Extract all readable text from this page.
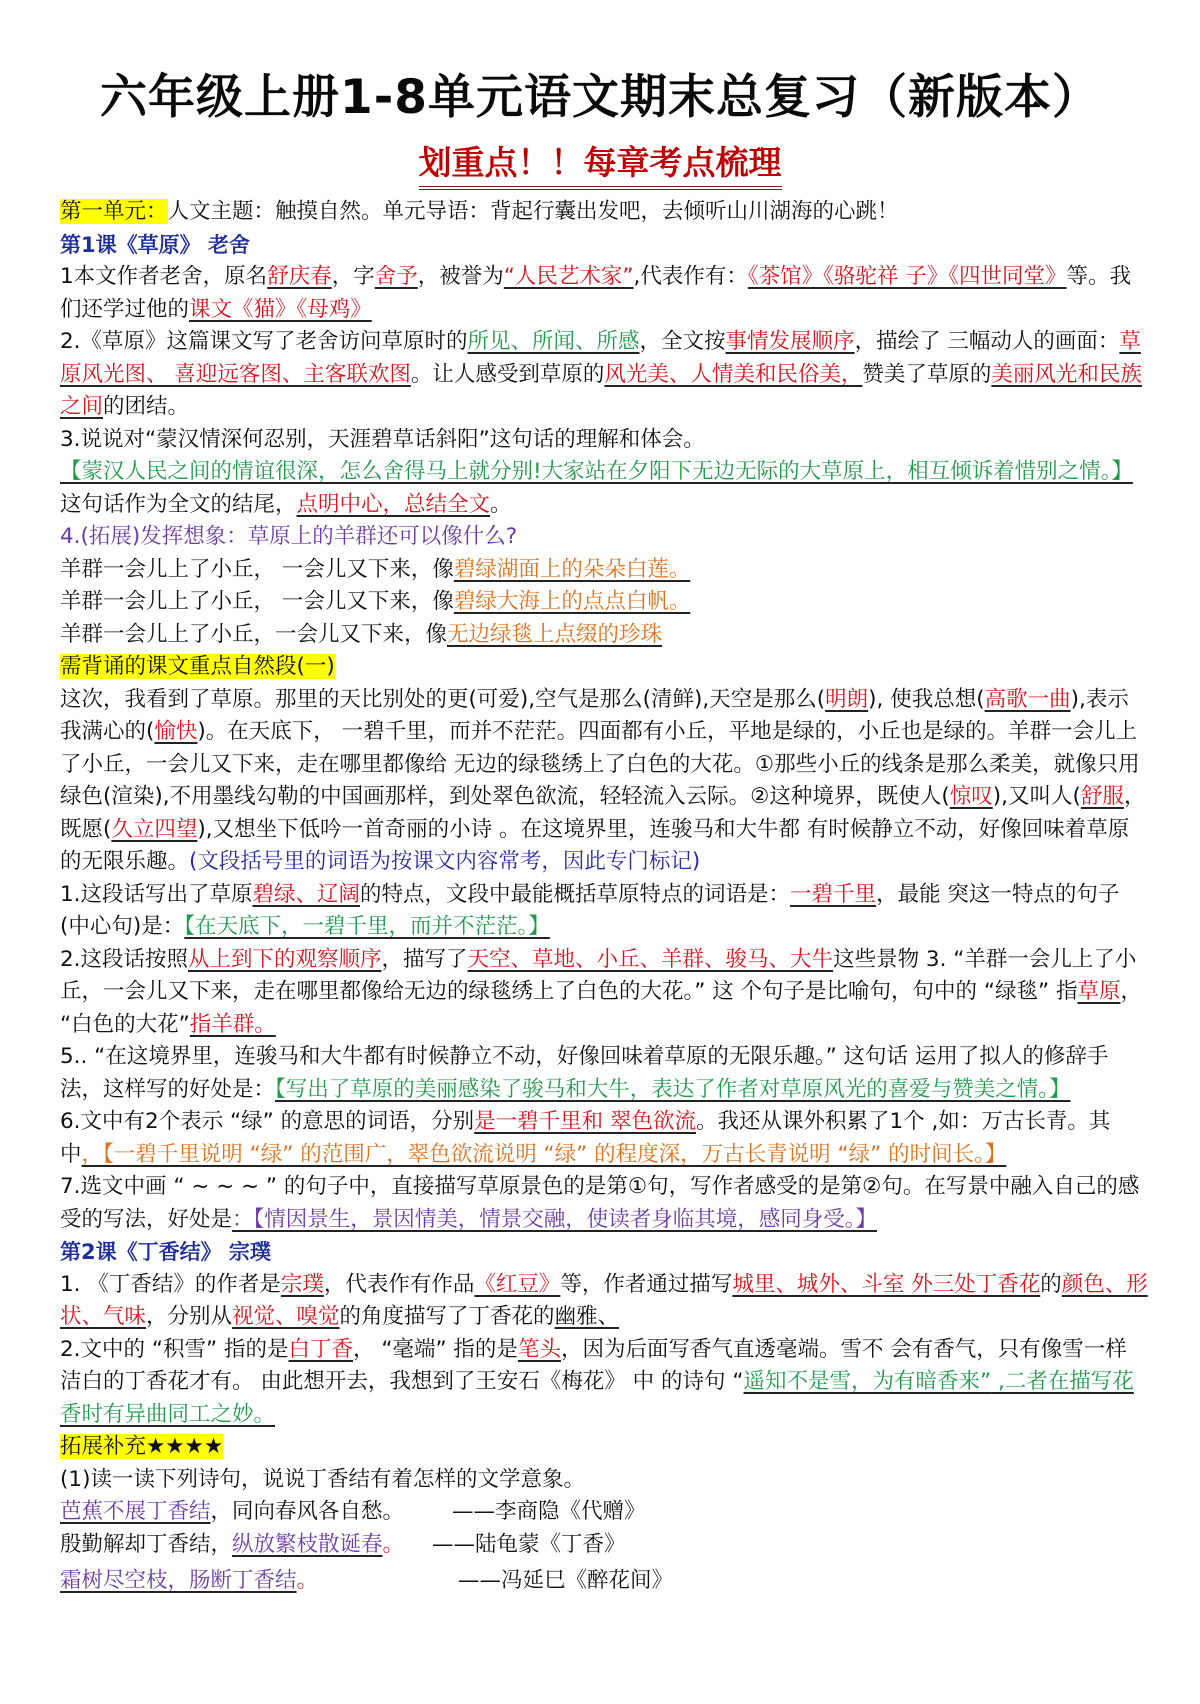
六年级上册1-8单元语文期末总复习（新版本）
划重点！！每章考点梳理

第一单元：人文主题：触摸自然。单元导语：背起行囊出发吧，去倾听山川湖海的心跳！

第1课《草原》 老舍

1本文作者老舍，原名舒庆春，字舍予，被誉为“人民艺术家”,代表作有：《茶馆》《骆驼祥 子》《四世同堂》等。我们还学过他的课文《猫》《母鸡》

2.《草原》这篇课文写了老舍访问草原时的所见、所闻、所感，全文按事情发展顺序，描绘了 三幅动人的画面：草原风光图、 喜迎远客图、主客联欢图。让人感受到草原的风光美、人情美和民俗美，赞美了草原的美丽风光和民族之间的团结。

3.说说对“蒙汉情深何忍别，天涯碧草话斜阳”这句话的理解和体会。

【蒙汉人民之间的情谊很深，怎么舍得马上就分别!大家站在夕阳下无边无际的大草原上，相互倾诉着惜别之情。】这句话作为全文的结尾，点明中心，总结全文。

4.(拓展)发挥想象：草原上的羊群还可以像什么?

羊群一会儿上了小丘， 一会儿又下来，像碧绿湖面上的朵朵白莲。

羊群一会儿上了小丘， 一会儿又下来，像碧绿大海上的点点白帆。

羊群一会儿上了小丘，一会儿又下来，像无边绿毯上点缀的珍珠

需背诵的课文重点自然段(一)

这次，我看到了草原。那里的天比别处的更(可爱),空气是那么(清鲜),天空是那么(明朗), 使我总想(高歌一曲),表示我满心的(愉快)。在天底下， 一碧千里，而并不茫茫。四面都有小丘，平地是绿的，小丘也是绿的。羊群一会儿上了小丘，一会儿又下来，走在哪里都像给 无边的绿毯绣上了白色的大花。①那些小丘的线条是那么柔美，就像只用绿色(渲染),不用墨线勾勒的中国画那样，到处翠色欲流，轻轻流入云际。②这种境界，既使人(惊叹),又叫人(舒服，既愿(久立四望),又想坐下低吟一首奇丽的小诗 。在这境界里，连骏马和大牛都 有时候静立不动，好像回味着草原的无限乐趣。(文段括号里的词语为按课文内容常考，因此专门标记)

1.这段话写出了草原碧绿、辽阔的特点，文段中最能概括草原特点的词语是：一碧千里，最能 突这一特点的句子(中心句)是：【在天底下，一碧千里，而并不茫茫。】

2.这段话按照从上到下的观察顺序，描写了天空、草地、小丘、羊群、骏马、大牛这些景物 3. “羊群一会儿上了小丘，一会儿又下来，走在哪里都像给无边的绿毯绣上了白色的大花。” 这 个句子是比喻句，句中的 “绿毯” 指草原， “白色的大花”指羊群。

5.. “在这境界里，连骏马和大牛都有时候静立不动，好像回味着草原的无限乐趣。” 这句话 运用了拟人的修辞手法，这样写的好处是：【写出了草原的美丽感染了骏马和大牛，表达了作者对草原风光的喜爱与赞美之情。】

6.文中有2个表示 “绿” 的意思的词语，分别是一碧千里和 翠色欲流。我还从课外积累了1个 ,如：万古长青。其中，【一碧千里说明 “绿” 的范围广，翠色欲流说明 “绿” 的程度深，万古长青说明 “绿” 的时间长。】

7.选文中画 “ ~ ~ ~ ” 的句子中，直接描写草原景色的是第①句，写作者感受的是第②句。在写景中融入自己的感受的写法，好处是：【情因景生，景因情美，情景交融，使读者身临其境，感同身受。】

第2课《丁香结》 宗璞

1. 《丁香结》的作者是宗璞，代表作有作品《红豆》等，作者通过描写城里、城外、斗室 外三处丁香花的颜色、形状、气味，分别从视觉、嗅觉的角度描写了丁香花的幽雅、

2.文中的 “积雪” 指的是白丁香， “毫端” 指的是笔头，因为后面写香气直透毫端。雪不 会有香气，只有像雪一样洁白的丁香花才有。 由此想开去，我想到了王安石《梅花》 中 的诗句 “遥知不是雪，为有暗香来” ,二者在描写花香时有异曲同工之妙。

拓展补充★★★★

(1)读一读下列诗句，说说丁香结有着怎样的文学意象。

芭蕉不展丁香结，同向春风各自愁。 ——李商隐《代赠》

殷勤解却丁香结，纵放繁枝散诞春。 ——陆龟蒙《丁香》

霜树尽空枝，肠断丁香结。	——冯延巳《醉花间》
